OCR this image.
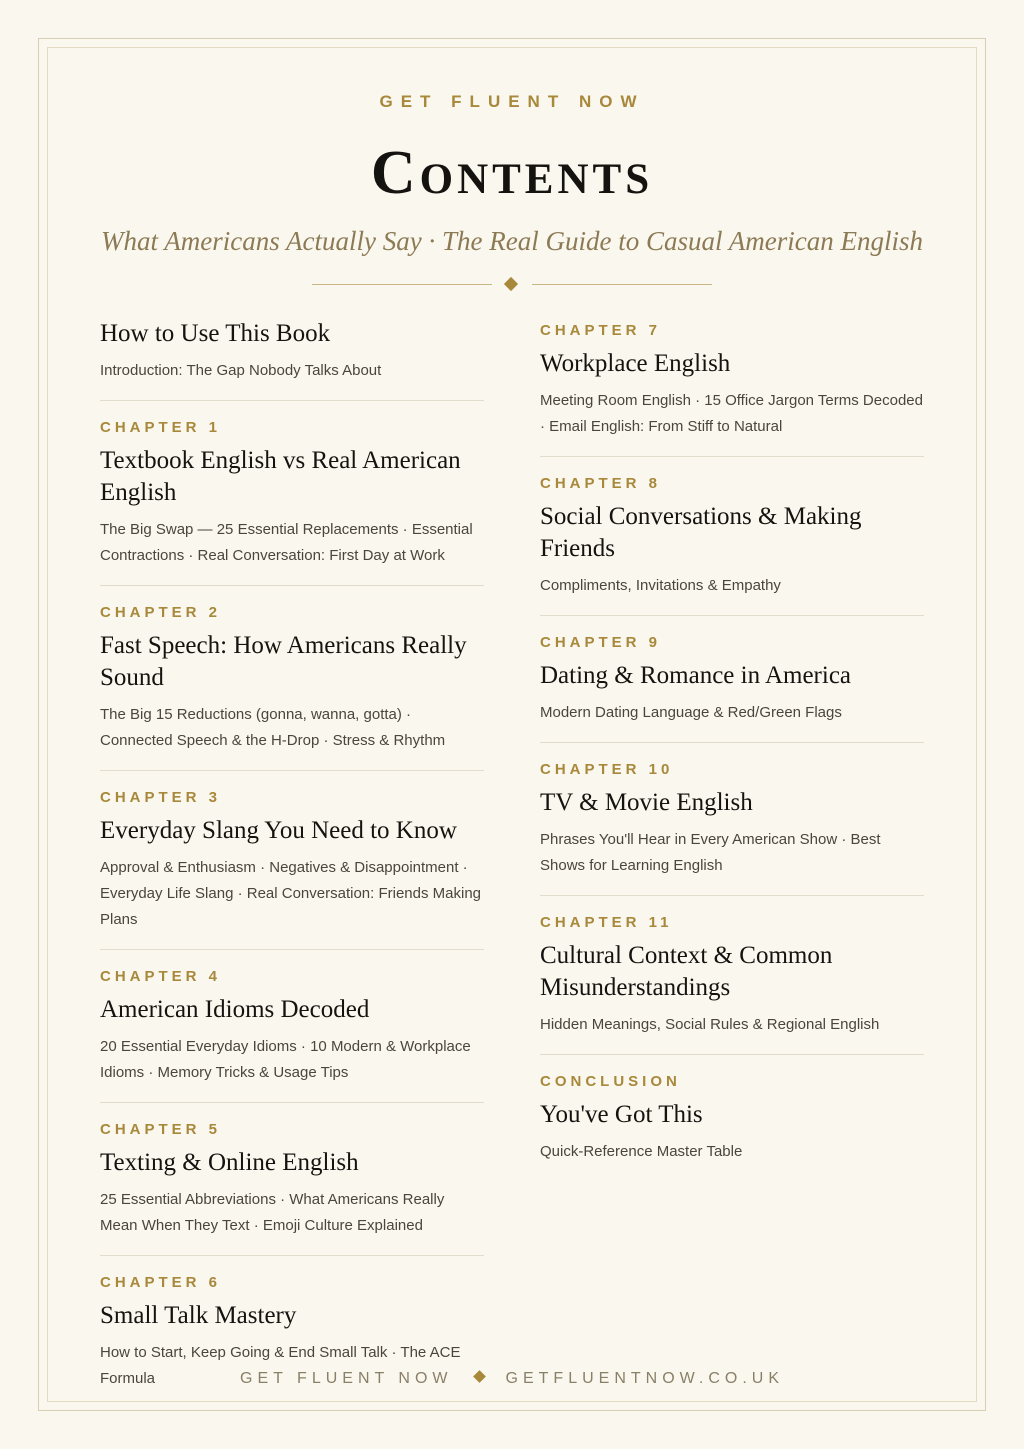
GET FLUENT NOW
Contents
What Americans Actually Say · The Real Guide to Casual American English
How to Use This Book
Introduction: The Gap Nobody Talks About
CHAPTER 1
Textbook English vs Real American English
The Big Swap — 25 Essential Replacements · Essential Contractions · Real Conversation: First Day at Work
CHAPTER 2
Fast Speech: How Americans Really Sound
The Big 15 Reductions (gonna, wanna, gotta) · Connected Speech & the H-Drop · Stress & Rhythm
CHAPTER 3
Everyday Slang You Need to Know
Approval & Enthusiasm · Negatives & Disappointment · Everyday Life Slang · Real Conversation: Friends Making Plans
CHAPTER 4
American Idioms Decoded
20 Essential Everyday Idioms · 10 Modern & Workplace Idioms · Memory Tricks & Usage Tips
CHAPTER 5
Texting & Online English
25 Essential Abbreviations · What Americans Really Mean When They Text · Emoji Culture Explained
CHAPTER 6
Small Talk Mastery
How to Start, Keep Going & End Small Talk · The ACE Formula
CHAPTER 7
Workplace English
Meeting Room English · 15 Office Jargon Terms Decoded · Email English: From Stiff to Natural
CHAPTER 8
Social Conversations & Making Friends
Compliments, Invitations & Empathy
CHAPTER 9
Dating & Romance in America
Modern Dating Language & Red/Green Flags
CHAPTER 10
TV & Movie English
Phrases You'll Hear in Every American Show · Best Shows for Learning English
CHAPTER 11
Cultural Context & Common Misunderstandings
Hidden Meanings, Social Rules & Regional English
CONCLUSION
You've Got This
Quick-Reference Master Table
GET FLUENT NOW	GETFLUENTNOW.CO.UK
